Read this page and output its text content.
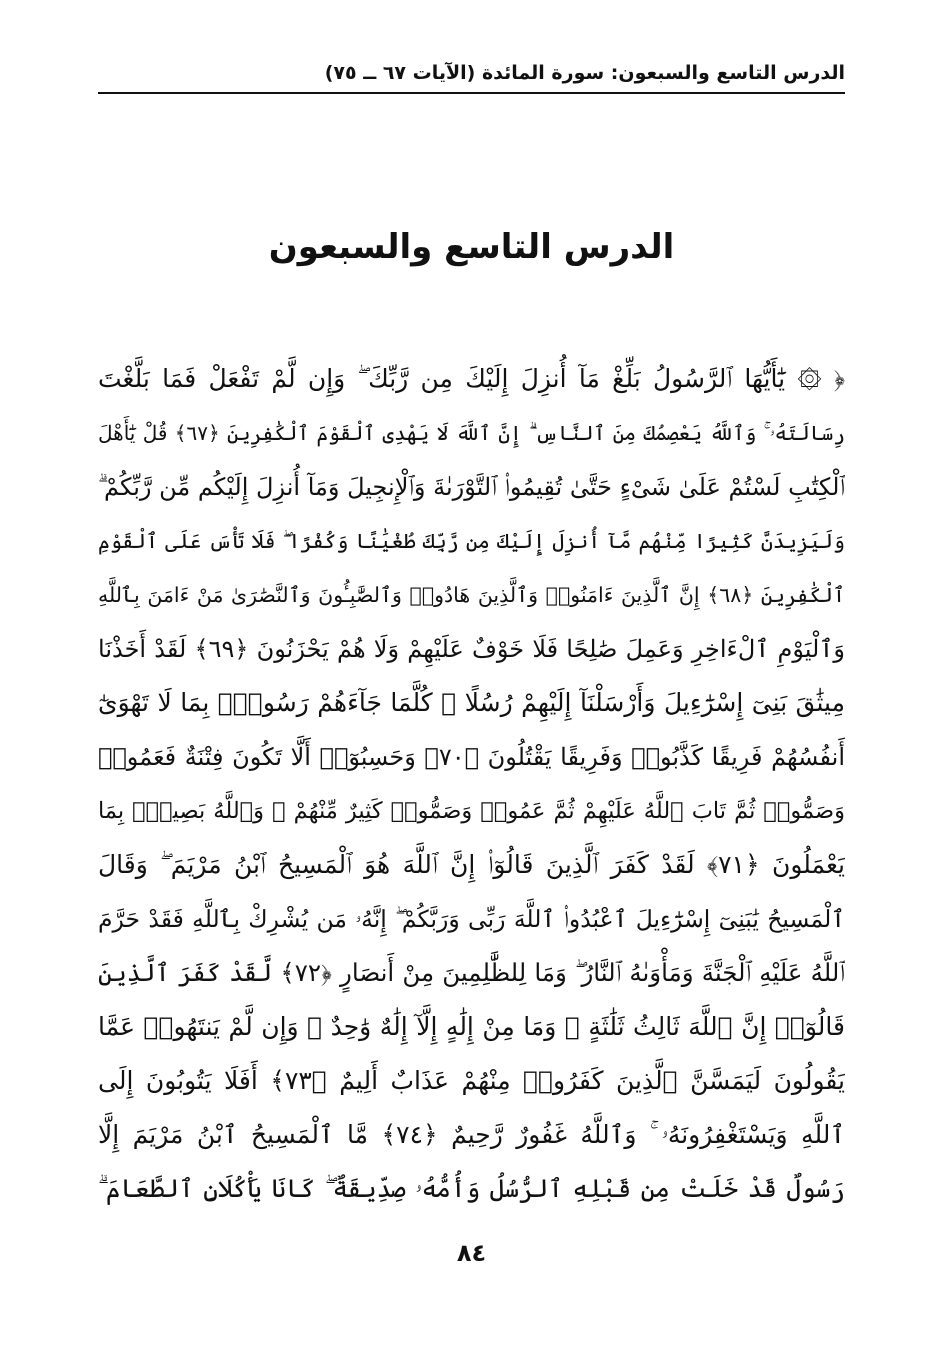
الدرس التاسع والسبعون: سورة المائدة (الآيات ٦٧ ــ ٧٥)
الدرس التاسع والسبعون
﴿ ۞ يَٰٓأَيُّهَا ٱلرَّسُولُ بَلِّغْ مَآ أُنزِلَ إِلَيْكَ مِن رَّبِّكَ ۖ وَإِن لَّمْ تَفْعَلْ فَمَا بَلَّغْتَ
رِسَالَتَهُۥ ۚ وَٱللَّهُ يَعْصِمُكَ مِنَ ٱلنَّاسِ ۗ إِنَّ ٱللَّهَ لَا يَهْدِى ٱلْقَوْمَ ٱلْكَٰفِرِينَ ﴿٦٧﴾ قُلْ يَٰٓأَهْلَ
ٱلْكِتَٰبِ لَسْتُمْ عَلَىٰ شَىْءٍ حَتَّىٰ تُقِيمُوا۟ ٱلتَّوْرَىٰةَ وَٱلْإِنجِيلَ وَمَآ أُنزِلَ إِلَيْكُم مِّن رَّبِّكُمْ ۗ
وَلَيَزِيدَنَّ كَثِيرًا مِّنْهُم مَّآ أُنزِلَ إِلَيْكَ مِن رَّبِّكَ طُغْيَٰنًا وَكُفْرًا ۖ فَلَا تَأْسَ عَلَى ٱلْقَوْمِ
ٱلْكَٰفِرِينَ ﴿٦٨﴾ إِنَّ ٱلَّذِينَ ءَامَنُوا۟ وَٱلَّذِينَ هَادُوا۟ وَٱلصَّٰبِـُٔونَ وَٱلنَّصَٰرَىٰ مَنْ ءَامَنَ بِٱللَّهِ
وَٱلْيَوْمِ ٱلْءَاخِرِ وَعَمِلَ صَٰلِحًا فَلَا خَوْفٌ عَلَيْهِمْ وَلَا هُمْ يَحْزَنُونَ ﴿٦٩﴾ لَقَدْ أَخَذْنَا
مِيثَٰقَ بَنِىٓ إِسْرَٰٓءِيلَ وَأَرْسَلْنَآ إِلَيْهِمْ رُسُلًا ۖ كُلَّمَا جَآءَهُمْ رَسُولٌۢ بِمَا لَا تَهْوَىٰٓ
أَنفُسُهُمْ فَرِيقًا كَذَّبُوا۟ وَفَرِيقًا يَقْتُلُونَ ﴿٧٠﴾ وَحَسِبُوٓا۟ أَلَّا تَكُونَ فِتْنَةٌ فَعَمُوا۟
وَصَمُّوا۟ ثُمَّ تَابَ ٱللَّهُ عَلَيْهِمْ ثُمَّ عَمُوا۟ وَصَمُّوا۟ كَثِيرٌ مِّنْهُمْ ۚ وَٱللَّهُ بَصِيرٌۢ بِمَا
يَعْمَلُونَ ﴿٧١﴾ لَقَدْ كَفَرَ ٱلَّذِينَ قَالُوٓا۟ إِنَّ ٱللَّهَ هُوَ ٱلْمَسِيحُ ٱبْنُ مَرْيَمَ ۖ وَقَالَ
ٱلْمَسِيحُ يَٰبَنِىٓ إِسْرَٰٓءِيلَ ٱعْبُدُوا۟ ٱللَّهَ رَبِّى وَرَبَّكُمْ ۖ إِنَّهُۥ مَن يُشْرِكْ بِٱللَّهِ فَقَدْ حَرَّمَ
ٱللَّهُ عَلَيْهِ ٱلْجَنَّةَ وَمَأْوَىٰهُ ٱلنَّارُ ۖ وَمَا لِلظَّٰلِمِينَ مِنْ أَنصَارٍ ﴿٧٢﴾ لَّقَدْ كَفَرَ ٱلَّذِينَ
قَالُوٓا۟ إِنَّ ٱللَّهَ ثَالِثُ ثَلَٰثَةٍ ۘ وَمَا مِنْ إِلَٰهٍ إِلَّآ إِلَٰهٌ وَٰحِدٌ ۚ وَإِن لَّمْ يَنتَهُوا۟ عَمَّا
يَقُولُونَ لَيَمَسَّنَّ ٱلَّذِينَ كَفَرُوا۟ مِنْهُمْ عَذَابٌ أَلِيمٌ ﴿٧٣﴾ أَفَلَا يَتُوبُونَ إِلَى
ٱللَّهِ وَيَسْتَغْفِرُونَهُۥ ۚ وَٱللَّهُ غَفُورٌ رَّحِيمٌ ﴿٧٤﴾ مَّا ٱلْمَسِيحُ ٱبْنُ مَرْيَمَ إِلَّا
رَسُولٌ قَدْ خَلَتْ مِن قَبْلِهِ ٱلرُّسُلُ وَأُمُّهُۥ صِدِّيقَةٌ ۖ كَانَا يَأْكُلَانِ ٱلطَّعَامَ ۗ
٨٤
